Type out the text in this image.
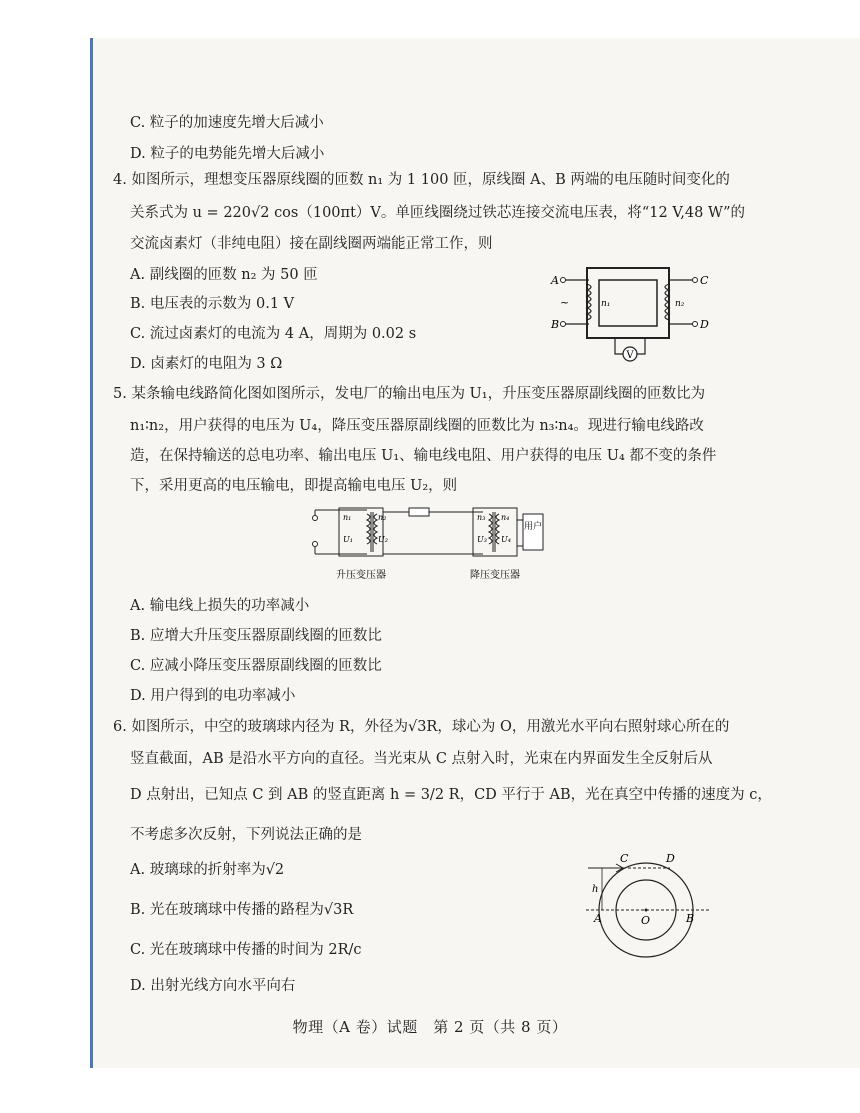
C. 粒子的加速度先增大后减小
D. 粒子的电势能先增大后减小
4. 如图所示，理想变压器原线圈的匝数 n₁ 为 1 100 匝，原线圈 A、B 两端的电压随时间变化的
关系式为 u = 220√2 cos（100πt）V。单匝线圈绕过铁芯连接交流电压表，将“12 V,48 W”的
交流卤素灯（非纯电阻）接在副线圈两端能正常工作，则
A. 副线圈的匝数 n₂ 为 50 匝
B. 电压表的示数为 0.1 V
C. 流过卤素灯的电流为 4 A，周期为 0.02 s
D. 卤素灯的电阻为 3 Ω
V
A
B
~
C
D
n₁	n₂
5. 某条输电线路简化图如图所示，发电厂的输出电压为 U₁，升压变压器原副线圈的匝数比为
n₁∶n₂，用户获得的电压为 U₄，降压变压器原副线圈的匝数比为 n₃∶n₄。现进行输电线路改
造，在保持输送的总电功率、输出电压 U₁、输电线电阻、用户获得的电压 U₄ 都不变的条件
下，采用更高的电压输电，即提高输电电压 U₂，则
用户
n₁
U₁
n₂
U₂
n₃
U₃
n₄
U₄
升压变压器	降压变压器
A. 输电线上损失的功率减小
B. 应增大升压变压器原副线圈的匝数比
C. 应减小降压变压器原副线圈的匝数比
D. 用户得到的电功率减小
6. 如图所示，中空的玻璃球内径为 R，外径为√3R，球心为 O，用激光水平向右照射球心所在的
竖直截面，AB 是沿水平方向的直径。当光束从 C 点射入时，光束在内界面发生全反射后从
D 点射出，已知点 C 到 AB 的竖直距离 h = 3/2 R，CD 平行于 AB，光在真空中传播的速度为 c，
不考虑多次反射，下列说法正确的是
A. 玻璃球的折射率为√2
B. 光在玻璃球中传播的路程为√3R
C. 光在玻璃球中传播的时间为 2R/c
D. 出射光线方向水平向右
C	D
h
A	B
O
物理（A 卷）试题　第 2 页（共 8 页）
